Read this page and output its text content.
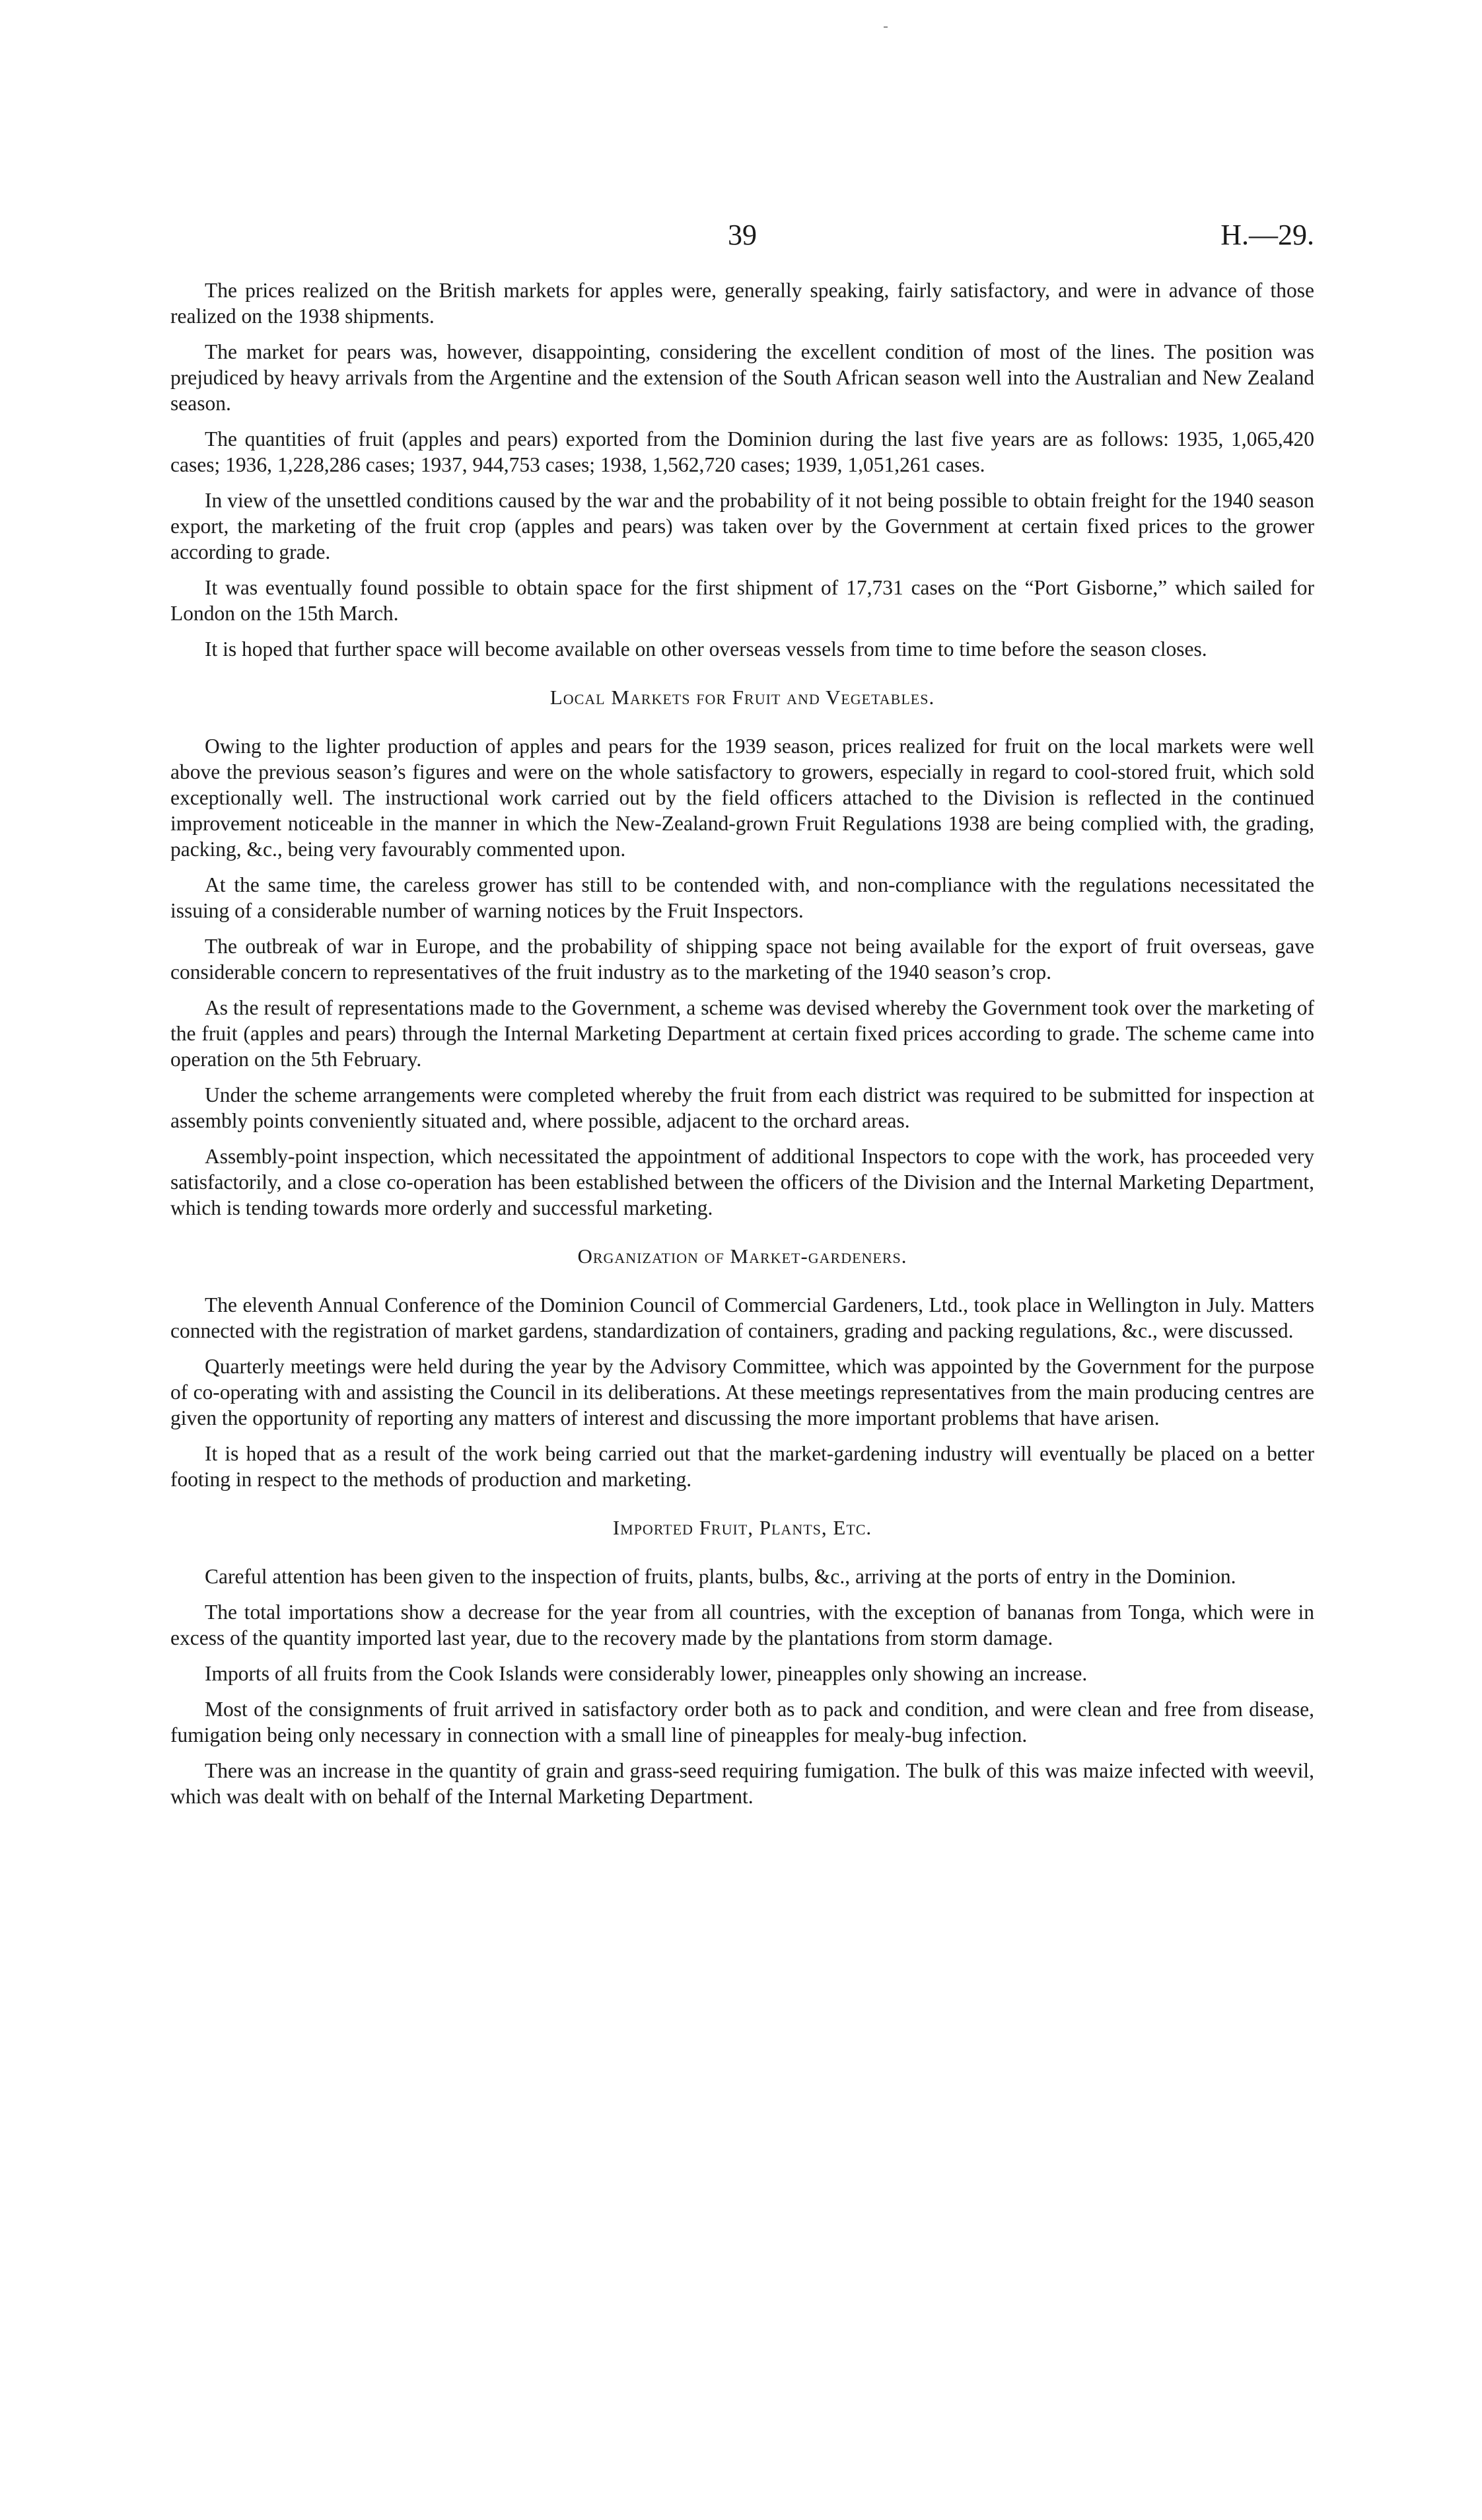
39	H.—29.

The prices realized on the British markets for apples were, generally speaking, fairly satisfactory, and were in advance of those realized on the 1938 shipments.

The market for pears was, however, disappointing, considering the excellent condition of most of the lines. The position was prejudiced by heavy arrivals from the Argentine and the extension of the South African season well into the Australian and New Zealand season.

The quantities of fruit (apples and pears) exported from the Dominion during the last five years are as follows: 1935, 1,065,420 cases; 1936, 1,228,286 cases; 1937, 944,753 cases; 1938, 1,562,720 cases; 1939, 1,051,261 cases.

In view of the unsettled conditions caused by the war and the probability of it not being possible to obtain freight for the 1940 season export, the marketing of the fruit crop (apples and pears) was taken over by the Government at certain fixed prices to the grower according to grade.

It was eventually found possible to obtain space for the first shipment of 17,731 cases on the “Port Gisborne,” which sailed for London on the 15th March.

It is hoped that further space will become available on other overseas vessels from time to time before the season closes.

Local Markets for Fruit and Vegetables.

Owing to the lighter production of apples and pears for the 1939 season, prices realized for fruit on the local markets were well above the previous season’s figures and were on the whole satisfactory to growers, especially in regard to cool-stored fruit, which sold exceptionally well. The instructional work carried out by the field officers attached to the Division is reflected in the continued improvement noticeable in the manner in which the New-Zealand-grown Fruit Regulations 1938 are being complied with, the grading, packing, &c., being very favourably commented upon.

At the same time, the careless grower has still to be contended with, and non-compliance with the regulations necessitated the issuing of a considerable number of warning notices by the Fruit Inspectors.

The outbreak of war in Europe, and the probability of shipping space not being available for the export of fruit overseas, gave considerable concern to representatives of the fruit industry as to the marketing of the 1940 season’s crop.

As the result of representations made to the Government, a scheme was devised whereby the Government took over the marketing of the fruit (apples and pears) through the Internal Marketing Department at certain fixed prices according to grade. The scheme came into operation on the 5th February.

Under the scheme arrangements were completed whereby the fruit from each district was required to be submitted for inspection at assembly points conveniently situated and, where possible, adjacent to the orchard areas.

Assembly-point inspection, which necessitated the appointment of additional Inspectors to cope with the work, has proceeded very satisfactorily, and a close co-operation has been established between the officers of the Division and the Internal Marketing Department, which is tending towards more orderly and successful marketing.

Organization of Market-gardeners.

The eleventh Annual Conference of the Dominion Council of Commercial Gardeners, Ltd., took place in Wellington in July. Matters connected with the registration of market gardens, standardization of containers, grading and packing regulations, &c., were discussed.

Quarterly meetings were held during the year by the Advisory Committee, which was appointed by the Government for the purpose of co-operating with and assisting the Council in its deliberations. At these meetings representatives from the main producing centres are given the opportunity of reporting any matters of interest and discussing the more important problems that have arisen.

It is hoped that as a result of the work being carried out that the market-gardening industry will eventually be placed on a better footing in respect to the methods of production and marketing.

Imported Fruit, Plants, Etc.

Careful attention has been given to the inspection of fruits, plants, bulbs, &c., arriving at the ports of entry in the Dominion.

The total importations show a decrease for the year from all countries, with the exception of bananas from Tonga, which were in excess of the quantity imported last year, due to the recovery made by the plantations from storm damage.

Imports of all fruits from the Cook Islands were considerably lower, pineapples only showing an increase.

Most of the consignments of fruit arrived in satisfactory order both as to pack and condition, and were clean and free from disease, fumigation being only necessary in connection with a small line of pineapples for mealy-bug infection.

There was an increase in the quantity of grain and grass-seed requiring fumigation. The bulk of this was maize infected with weevil, which was dealt with on behalf of the Internal Marketing Department.
